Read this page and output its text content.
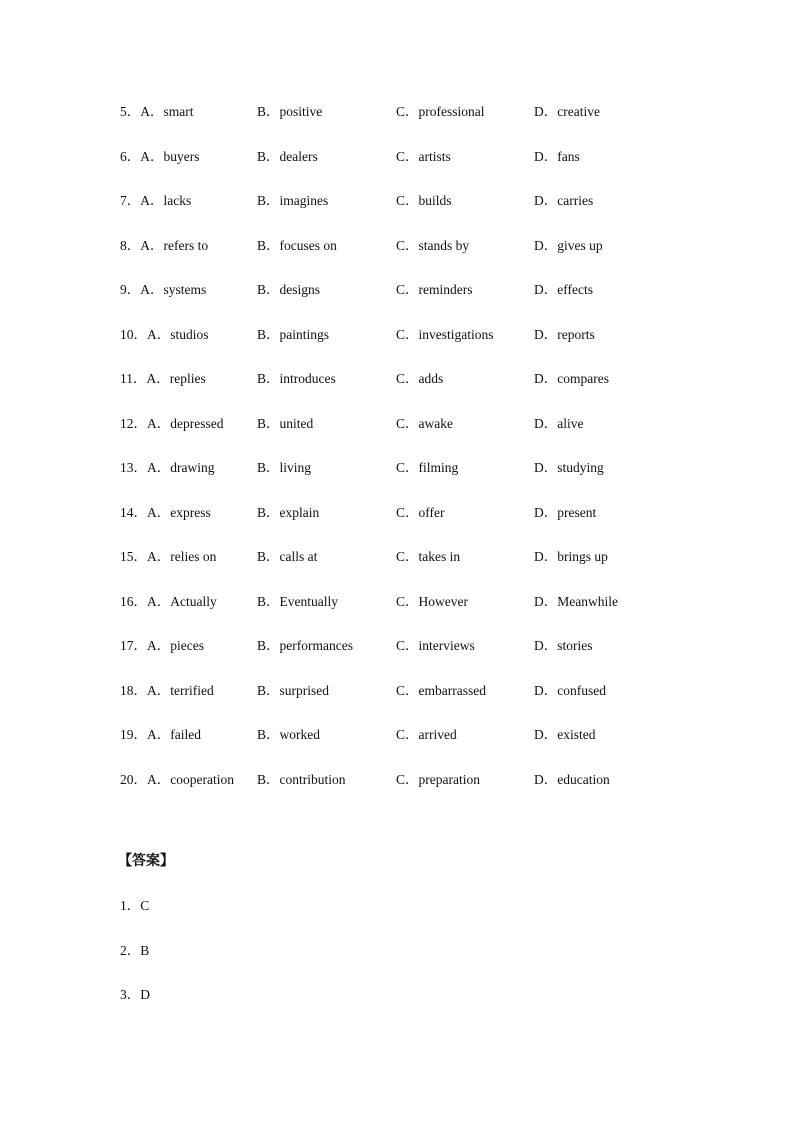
5．A．smart	B．positive	C．professional	D．creative
6．A．buyers	B．dealers	C．artists	D．fans
7．A．lacks	B．imagines	C．builds	D．carries
8．A．refers to	B．focuses on	C．stands by	D．gives up
9．A．systems	B．designs	C．reminders	D．effects
10．A．studios	B．paintings	C．investigations	D．reports
11．A．replies	B．introduces	C．adds	D．compares
12．A．depressed B．united	C．awake	D．alive
13．A．drawing	B．living	C．filming	D．studying
14．A．express	B．explain	C．offer	D．present
15．A．relies on	B．calls at	C．takes in	D．brings up
16．A．Actually	B．Eventually	C．However	D．Meanwhile
17．A．pieces	B．performances	C．interviews	D．stories
18．A．terrified	B．surprised	C．embarrassed	D．confused
19．A．failed	B．worked	C．arrived	D．existed
20．A．cooperation B．contribution	C．preparation	D．education
【答案】
1．C
2．B
3．D
